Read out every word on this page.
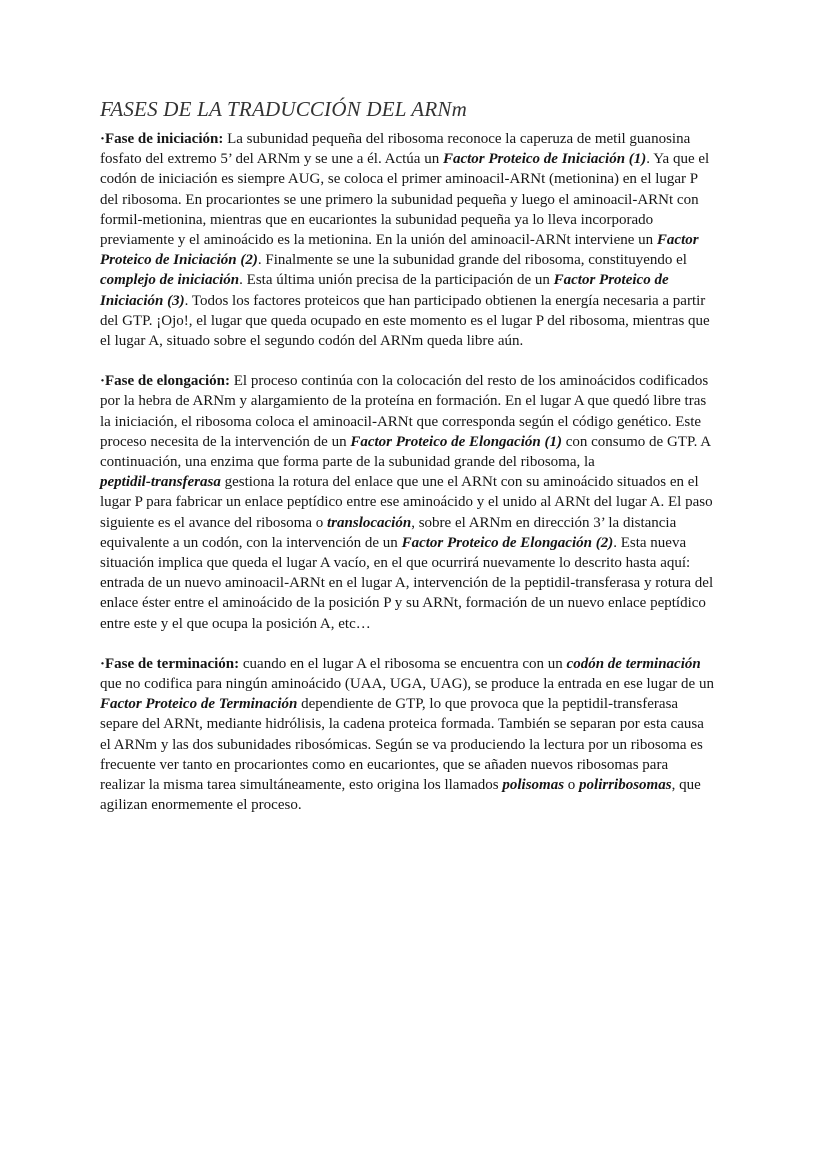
FASES DE LA TRADUCCIÓN DEL ARNm

·Fase de iniciación: La subunidad pequeña del ribosoma reconoce la caperuza de metil guanosina
fosfato del extremo 5’ del ARNm y se une a él. Actúa un Factor Proteico de Iniciación (1). Ya que el
codón de iniciación es siempre AUG, se coloca el primer aminoacil-ARNt (metionina) en el lugar P
del ribosoma. En procariontes se une primero la subunidad pequeña y luego el aminoacil-ARNt con
formil-metionina, mientras que en eucariontes la subunidad pequeña ya lo lleva incorporado
previamente y el aminoácido es la metionina. En la unión del aminoacil-ARNt interviene un Factor
Proteico de Iniciación (2). Finalmente se une la subunidad grande del ribosoma, constituyendo el
complejo de iniciación. Esta última unión precisa de la participación de un Factor Proteico de
Iniciación (3). Todos los factores proteicos que han participado obtienen la energía necesaria a partir
del GTP. ¡Ojo!, el lugar que queda ocupado en este momento es el lugar P del ribosoma, mientras que
el lugar A, situado sobre el segundo codón del ARNm queda libre aún.

·Fase de elongación: El proceso continúa con la colocación del resto de los aminoácidos codificados
por la hebra de ARNm y alargamiento de la proteína en formación. En el lugar A que quedó libre tras
la iniciación, el ribosoma coloca el aminoacil-ARNt que corresponda según el código genético. Este
proceso necesita de la intervención de un Factor Proteico de Elongación (1) con consumo de GTP. A
continuación, una enzima que forma parte de la subunidad grande del ribosoma, la
peptidil-transferasa gestiona la rotura del enlace que une el ARNt con su aminoácido situados en el
lugar P para fabricar un enlace peptídico entre ese aminoácido y el unido al ARNt del lugar A. El paso
siguiente es el avance del ribosoma o translocación, sobre el ARNm en dirección 3’ la distancia
equivalente a un codón, con la intervención de un Factor Proteico de Elongación (2). Esta nueva
situación implica que queda el lugar A vacío, en el que ocurrirá nuevamente lo descrito hasta aquí:
entrada de un nuevo aminoacil-ARNt en el lugar A, intervención de la peptidil-transferasa y rotura del
enlace éster entre el aminoácido de la posición P y su ARNt, formación de un nuevo enlace peptídico
entre este y el que ocupa la posición A, etc…

·Fase de terminación: cuando en el lugar A el ribosoma se encuentra con un codón de terminación
que no codifica para ningún aminoácido (UAA, UGA, UAG), se produce la entrada en ese lugar de un
Factor Proteico de Terminación dependiente de GTP, lo que provoca que la peptidil-transferasa
separe del ARNt, mediante hidrólisis, la cadena proteica formada. También se separan por esta causa
el ARNm y las dos subunidades ribosómicas. Según se va produciendo la lectura por un ribosoma es
frecuente ver tanto en procariontes como en eucariontes, que se añaden nuevos ribosomas para
realizar la misma tarea simultáneamente, esto origina los llamados polisomas o polirribosomas, que
agilizan enormemente el proceso.
